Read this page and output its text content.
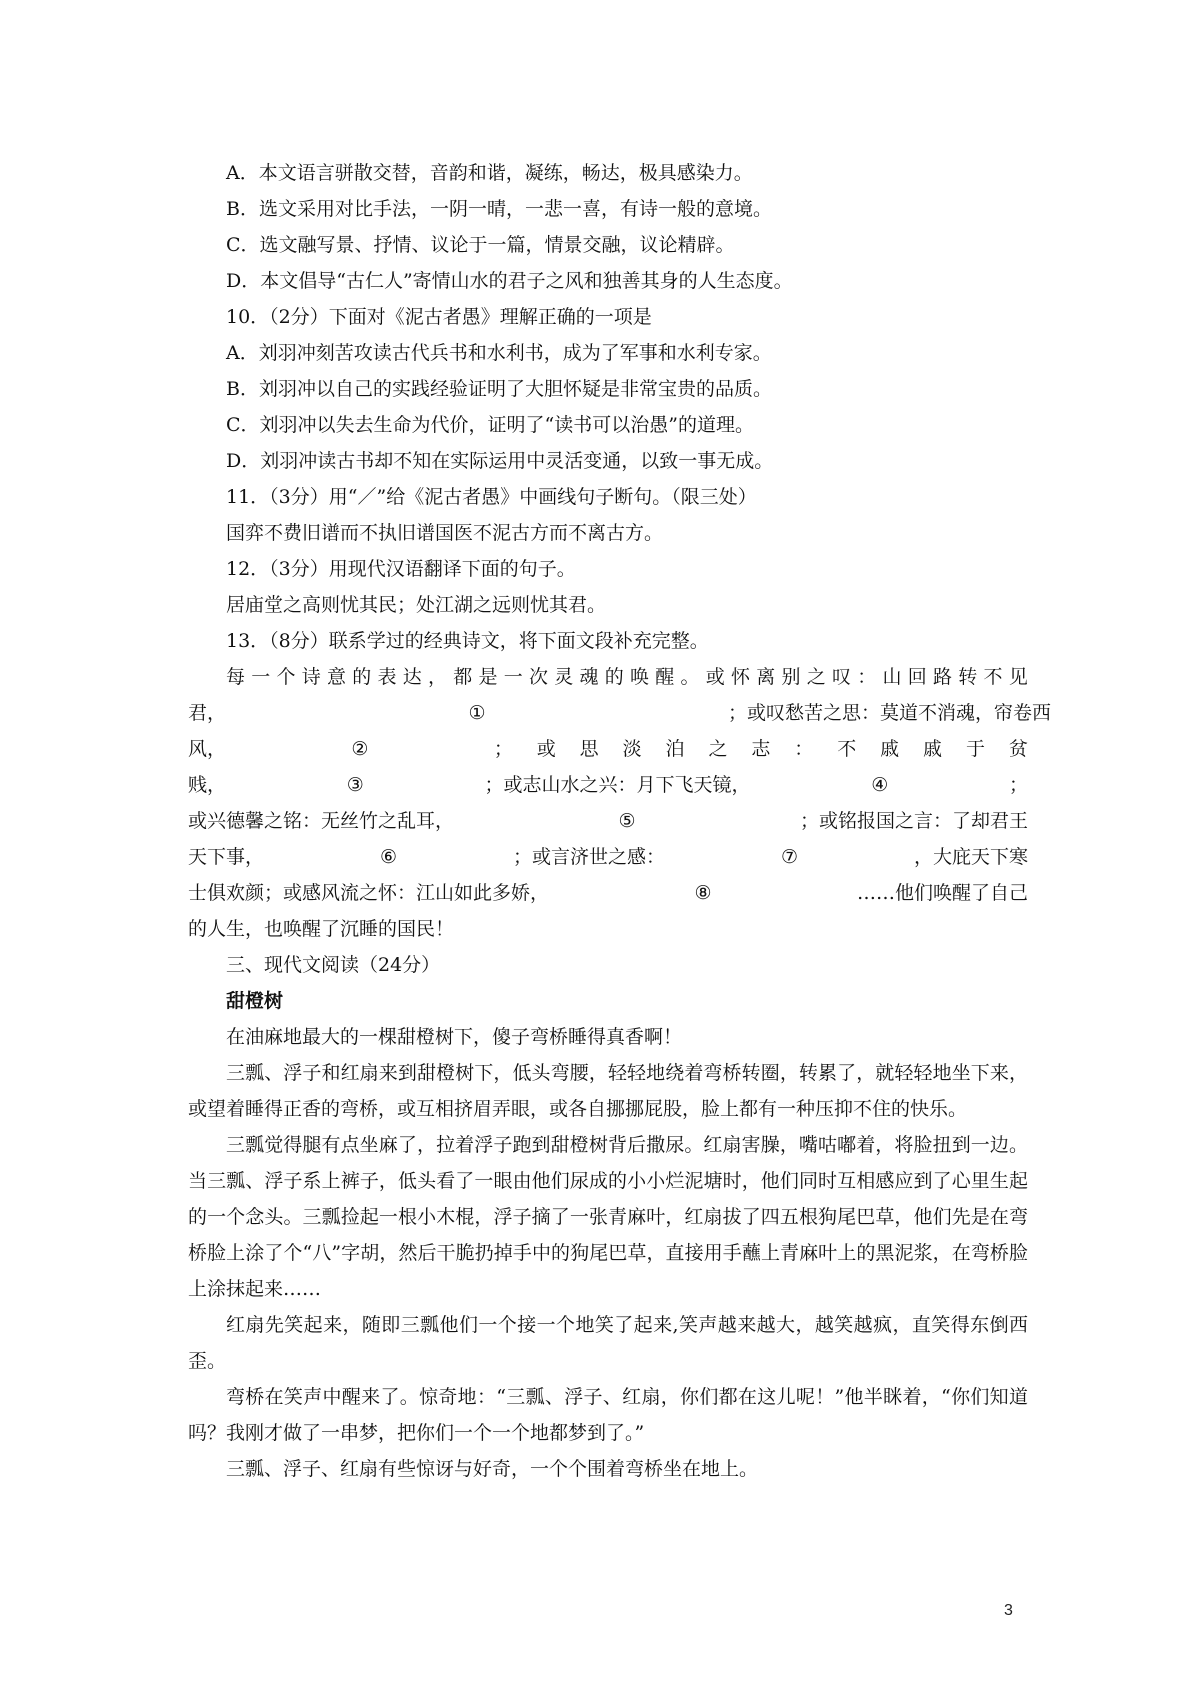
A．本文语言骈散交替，音韵和谐，凝练，畅达，极具感染力。
B．选文采用对比手法，一阴一晴，一悲一喜，有诗一般的意境。
C．选文融写景、抒情、议论于一篇，情景交融，议论精辟。
D．本文倡导“古仁人”寄情山水的君子之风和独善其身的人生态度。
10．（2分）下面对《泥古者愚》理解正确的一项是
A．刘羽冲刻苦攻读古代兵书和水利书，成为了军事和水利专家。
B．刘羽冲以自己的实践经验证明了大胆怀疑是非常宝贵的品质。
C．刘羽冲以失去生命为代价，证明了“读书可以治愚”的道理。
D．刘羽冲读古书却不知在实际运用中灵活变通，以致一事无成。
11．（3分）用“／”给《泥古者愚》中画线句子断句。（限三处）
国弈不费旧谱而不执旧谱国医不泥古方而不离古方。
12．（3分）用现代汉语翻译下面的句子。
居庙堂之高则忧其民；处江湖之远则忧其君。
13．（8分）联系学过的经典诗文，将下面文段补充完整。
每 一 个 诗 意 的 表 达 ， 都 是 一 次 灵 魂 的 唤 醒 。 或 怀 离 别 之 叹 ： 山 回 路 转 不 见
君，	①	；或叹愁苦之思：莫道不消魂，帘卷西
风，	②	； 或 思 淡 泊 之 志 ： 不 戚 戚 于 贫
贱，	③	；或志山水之兴：月下飞天镜，	④	；
或兴德馨之铭：无丝竹之乱耳，	⑤	；或铭报国之言：了却君王
天下事，	⑥	；或言济世之感：	⑦	，大庇天下寒
士俱欢颜；或感风流之怀：江山如此多娇，	⑧	……他们唤醒了自己
的人生，也唤醒了沉睡的国民！
三、现代文阅读（24分）
甜橙树
在油麻地最大的一棵甜橙树下，傻子弯桥睡得真香啊！
三瓢、浮子和红扇来到甜橙树下，低头弯腰，轻轻地绕着弯桥转圈，转累了，就轻轻地坐下来，或望着睡得正香的弯桥，或互相挤眉弄眼，或各自挪挪屁股，脸上都有一种压抑不住的快乐。
三瓢觉得腿有点坐麻了，拉着浮子跑到甜橙树背后撒尿。红扇害臊，嘴咕嘟着，将脸扭到一边。当三瓢、浮子系上裤子，低头看了一眼由他们尿成的小小烂泥塘时，他们同时互相感应到了心里生起的一个念头。三瓢捡起一根小木棍，浮子摘了一张青麻叶，红扇拔了四五根狗尾巴草，他们先是在弯桥脸上涂了个“八”字胡，然后干脆扔掉手中的狗尾巴草，直接用手蘸上青麻叶上的黑泥浆，在弯桥脸上涂抹起来……
红扇先笑起来，随即三瓢他们一个接一个地笑了起来,笑声越来越大，越笑越疯，直笑得东倒西歪。
弯桥在笑声中醒来了。惊奇地：“三瓢、浮子、红扇，你们都在这儿呢！”他半眯着，“你们知道吗？我刚才做了一串梦，把你们一个一个地都梦到了。”
三瓢、浮子、红扇有些惊讶与好奇，一个个围着弯桥坐在地上。
3
